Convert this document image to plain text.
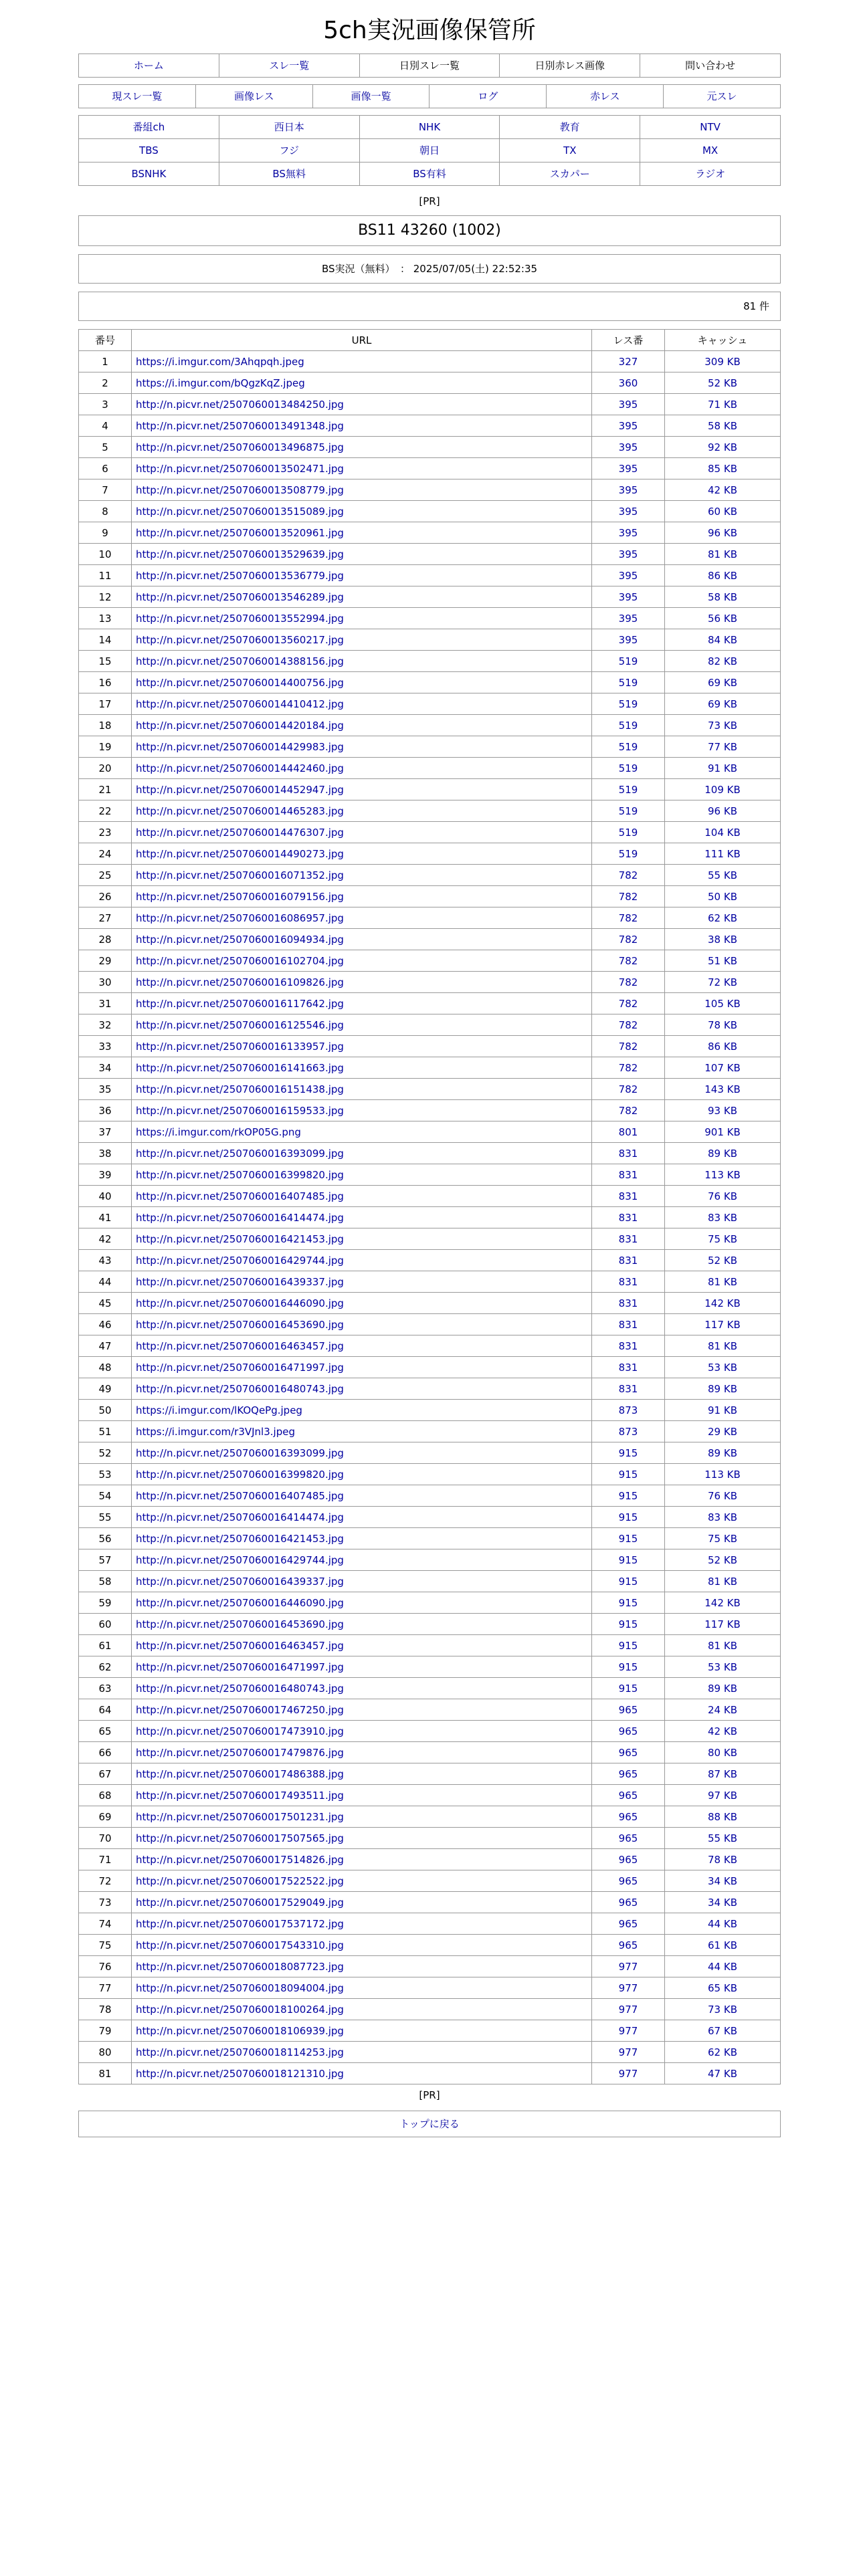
5ch実況画像保管所
ホーム	スレ一覧	日別スレ一覧	日別赤レス画像	問い合わせ
現スレ一覧	画像レス	画像一覧	ログ	赤レス	元スレ
番組ch	西日本	NHK	教育	NTV
TBS	フジ	朝日	TX	MX
BSNHK	BS無料	BS有料	スカパー	ラジオ
[PR]
BS11 43260 (1002)
BS実況（無料）　： 2025/07/05(土) 22:52:35
81 件
番号	URL	レス番	キャッシュ
1	https://i.imgur.com/3Ahqpqh.jpeg	327	309 KB
2	https://i.imgur.com/bQgzKqZ.jpeg	360	52 KB
3	http://n.picvr.net/2507060013484250.jpg	395	71 KB
4	http://n.picvr.net/2507060013491348.jpg	395	58 KB
5	http://n.picvr.net/2507060013496875.jpg	395	92 KB
6	http://n.picvr.net/2507060013502471.jpg	395	85 KB
7	http://n.picvr.net/2507060013508779.jpg	395	42 KB
8	http://n.picvr.net/2507060013515089.jpg	395	60 KB
9	http://n.picvr.net/2507060013520961.jpg	395	96 KB
10	http://n.picvr.net/2507060013529639.jpg	395	81 KB
11	http://n.picvr.net/2507060013536779.jpg	395	86 KB
12	http://n.picvr.net/2507060013546289.jpg	395	58 KB
13	http://n.picvr.net/2507060013552994.jpg	395	56 KB
14	http://n.picvr.net/2507060013560217.jpg	395	84 KB
15	http://n.picvr.net/2507060014388156.jpg	519	82 KB
16	http://n.picvr.net/2507060014400756.jpg	519	69 KB
17	http://n.picvr.net/2507060014410412.jpg	519	69 KB
18	http://n.picvr.net/2507060014420184.jpg	519	73 KB
19	http://n.picvr.net/2507060014429983.jpg	519	77 KB
20	http://n.picvr.net/2507060014442460.jpg	519	91 KB
21	http://n.picvr.net/2507060014452947.jpg	519	109 KB
22	http://n.picvr.net/2507060014465283.jpg	519	96 KB
23	http://n.picvr.net/2507060014476307.jpg	519	104 KB
24	http://n.picvr.net/2507060014490273.jpg	519	111 KB
25	http://n.picvr.net/2507060016071352.jpg	782	55 KB
26	http://n.picvr.net/2507060016079156.jpg	782	50 KB
27	http://n.picvr.net/2507060016086957.jpg	782	62 KB
28	http://n.picvr.net/2507060016094934.jpg	782	38 KB
29	http://n.picvr.net/2507060016102704.jpg	782	51 KB
30	http://n.picvr.net/2507060016109826.jpg	782	72 KB
31	http://n.picvr.net/2507060016117642.jpg	782	105 KB
32	http://n.picvr.net/2507060016125546.jpg	782	78 KB
33	http://n.picvr.net/2507060016133957.jpg	782	86 KB
34	http://n.picvr.net/2507060016141663.jpg	782	107 KB
35	http://n.picvr.net/2507060016151438.jpg	782	143 KB
36	http://n.picvr.net/2507060016159533.jpg	782	93 KB
37	https://i.imgur.com/rkOP05G.png	801	901 KB
38	http://n.picvr.net/2507060016393099.jpg	831	89 KB
39	http://n.picvr.net/2507060016399820.jpg	831	113 KB
40	http://n.picvr.net/2507060016407485.jpg	831	76 KB
41	http://n.picvr.net/2507060016414474.jpg	831	83 KB
42	http://n.picvr.net/2507060016421453.jpg	831	75 KB
43	http://n.picvr.net/2507060016429744.jpg	831	52 KB
44	http://n.picvr.net/2507060016439337.jpg	831	81 KB
45	http://n.picvr.net/2507060016446090.jpg	831	142 KB
46	http://n.picvr.net/2507060016453690.jpg	831	117 KB
47	http://n.picvr.net/2507060016463457.jpg	831	81 KB
48	http://n.picvr.net/2507060016471997.jpg	831	53 KB
49	http://n.picvr.net/2507060016480743.jpg	831	89 KB
50	https://i.imgur.com/lKOQePg.jpeg	873	91 KB
51	https://i.imgur.com/r3VJnl3.jpeg	873	29 KB
52	http://n.picvr.net/2507060016393099.jpg	915	89 KB
53	http://n.picvr.net/2507060016399820.jpg	915	113 KB
54	http://n.picvr.net/2507060016407485.jpg	915	76 KB
55	http://n.picvr.net/2507060016414474.jpg	915	83 KB
56	http://n.picvr.net/2507060016421453.jpg	915	75 KB
57	http://n.picvr.net/2507060016429744.jpg	915	52 KB
58	http://n.picvr.net/2507060016439337.jpg	915	81 KB
59	http://n.picvr.net/2507060016446090.jpg	915	142 KB
60	http://n.picvr.net/2507060016453690.jpg	915	117 KB
61	http://n.picvr.net/2507060016463457.jpg	915	81 KB
62	http://n.picvr.net/2507060016471997.jpg	915	53 KB
63	http://n.picvr.net/2507060016480743.jpg	915	89 KB
64	http://n.picvr.net/2507060017467250.jpg	965	24 KB
65	http://n.picvr.net/2507060017473910.jpg	965	42 KB
66	http://n.picvr.net/2507060017479876.jpg	965	80 KB
67	http://n.picvr.net/2507060017486388.jpg	965	87 KB
68	http://n.picvr.net/2507060017493511.jpg	965	97 KB
69	http://n.picvr.net/2507060017501231.jpg	965	88 KB
70	http://n.picvr.net/2507060017507565.jpg	965	55 KB
71	http://n.picvr.net/2507060017514826.jpg	965	78 KB
72	http://n.picvr.net/2507060017522522.jpg	965	34 KB
73	http://n.picvr.net/2507060017529049.jpg	965	34 KB
74	http://n.picvr.net/2507060017537172.jpg	965	44 KB
75	http://n.picvr.net/2507060017543310.jpg	965	61 KB
76	http://n.picvr.net/2507060018087723.jpg	977	44 KB
77	http://n.picvr.net/2507060018094004.jpg	977	65 KB
78	http://n.picvr.net/2507060018100264.jpg	977	73 KB
79	http://n.picvr.net/2507060018106939.jpg	977	67 KB
80	http://n.picvr.net/2507060018114253.jpg	977	62 KB
81	http://n.picvr.net/2507060018121310.jpg	977	47 KB
[PR]
トップに戻る
